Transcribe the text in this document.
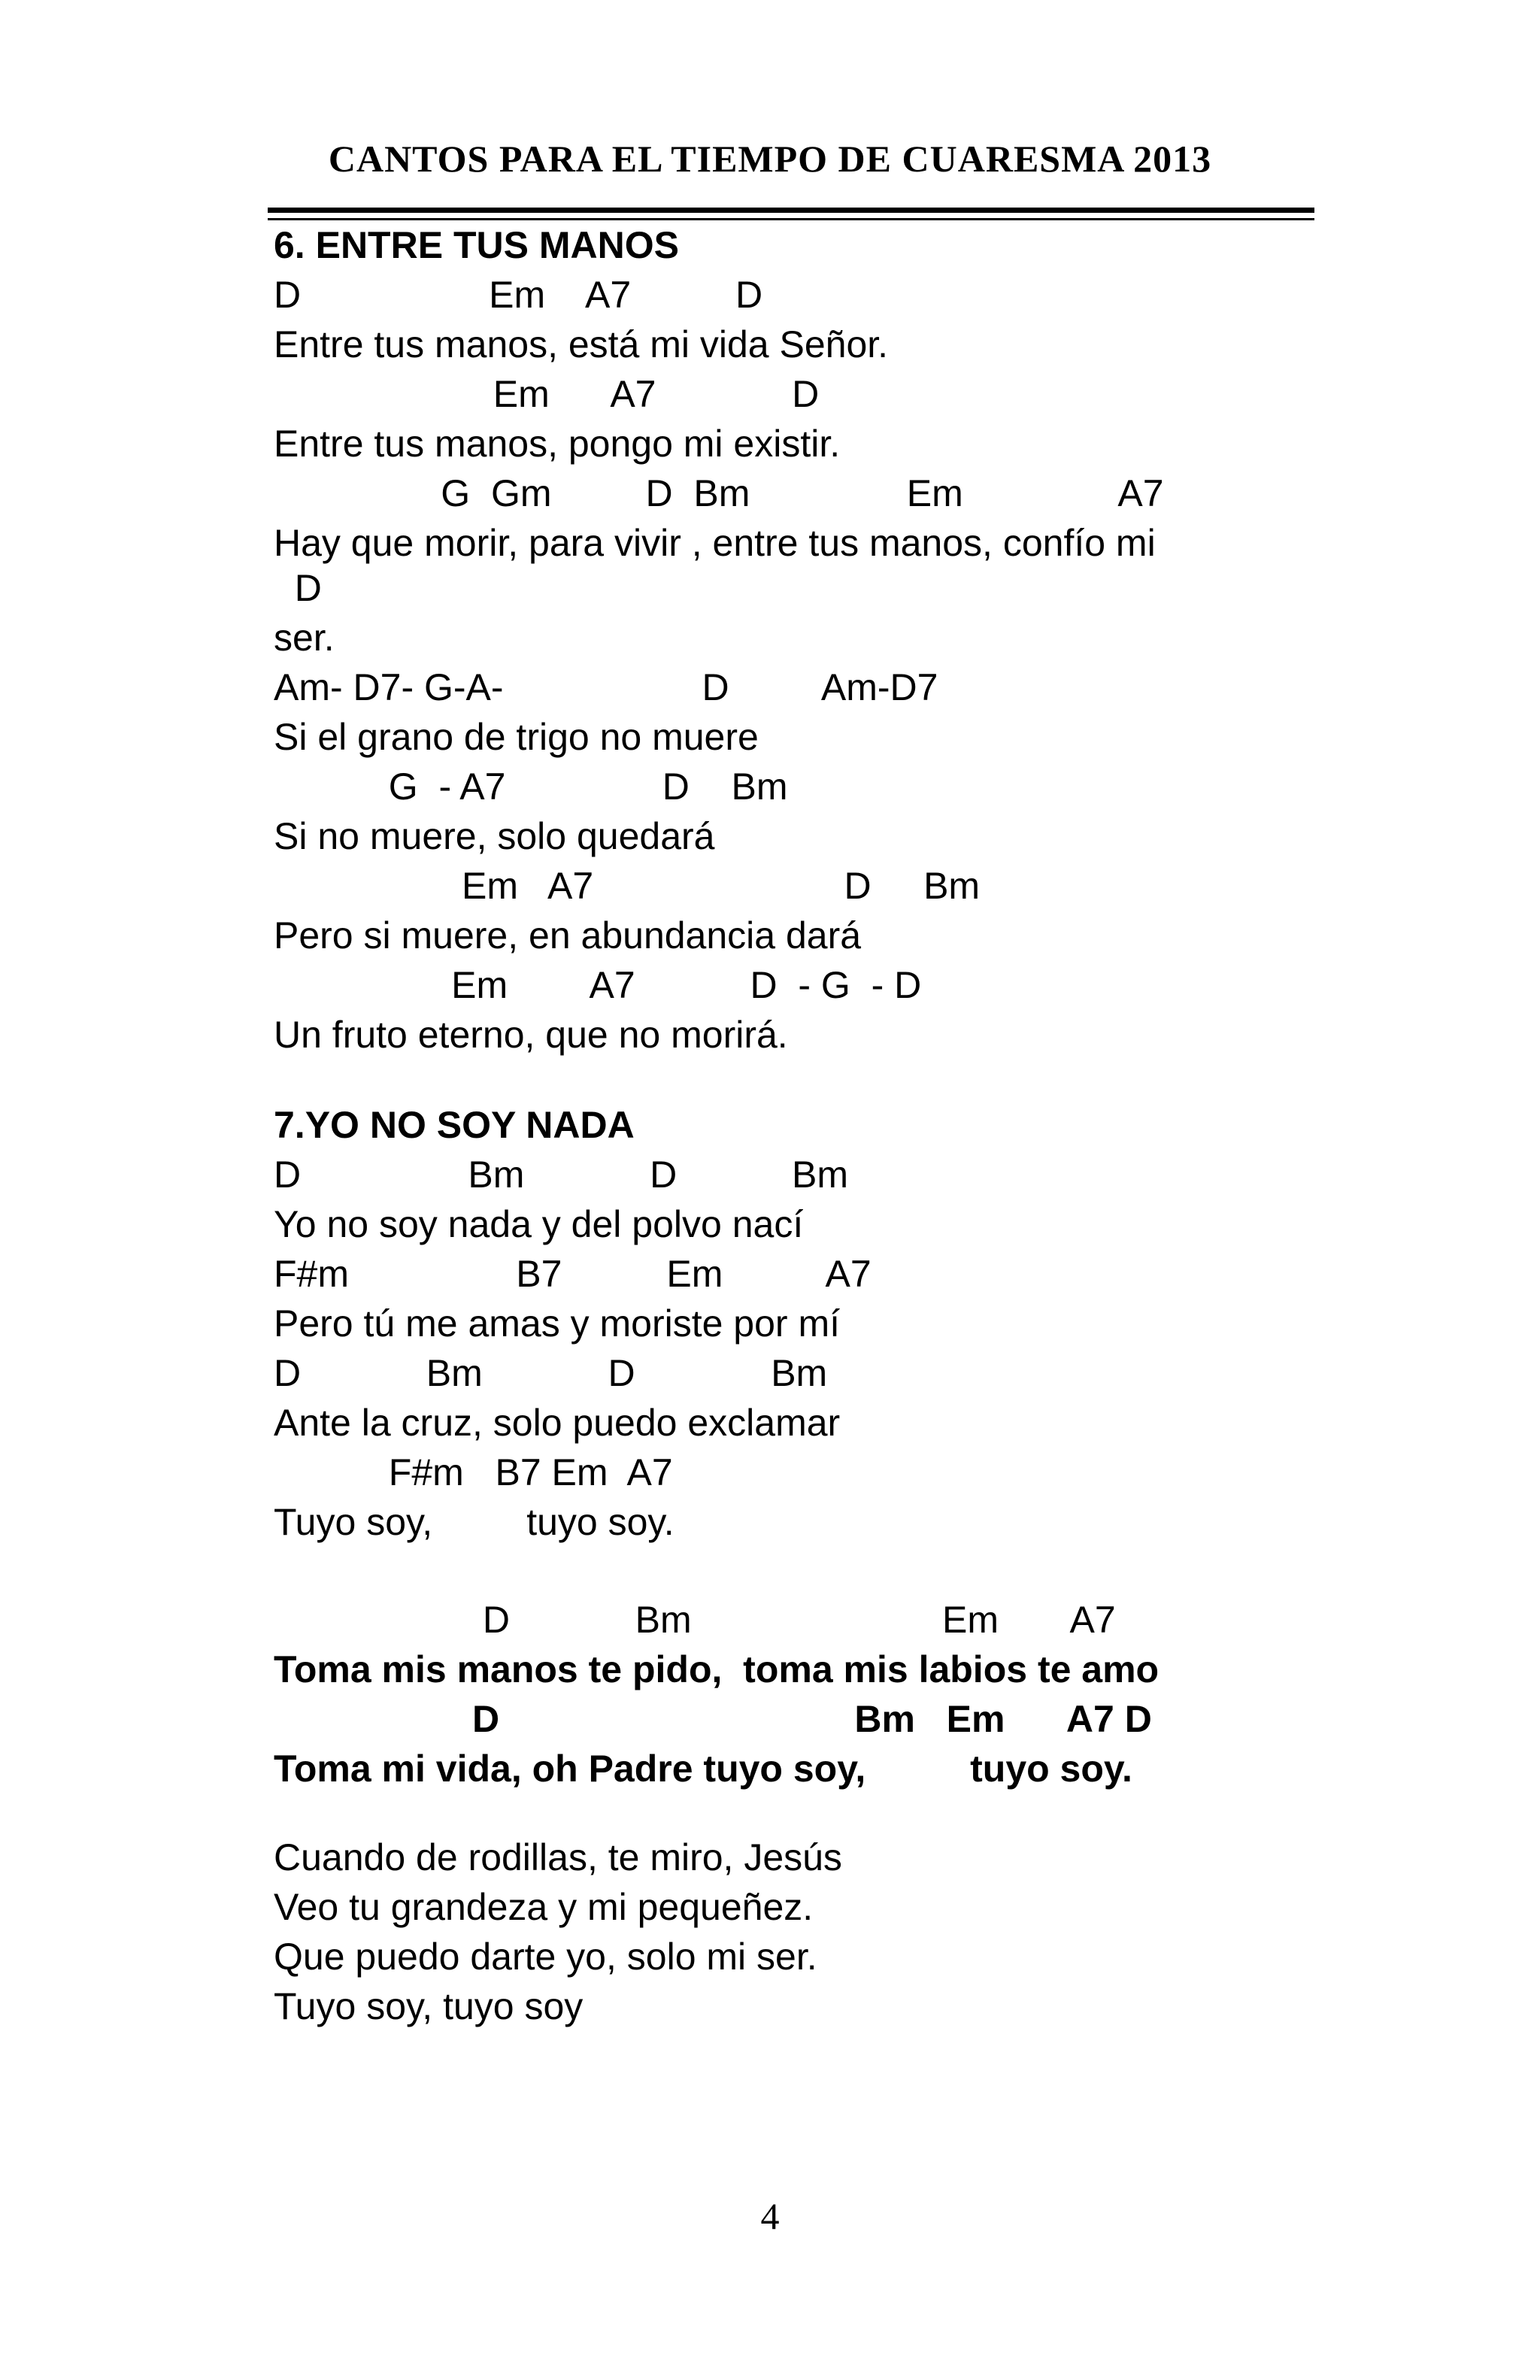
CANTOS PARA EL TIEMPO DE CUARESMA 2013
6. ENTRE TUS MANOS
D                  Em    A7          D
Entre tus manos, está mi vida Señor.
Em      A7             D
Entre tus manos, pongo mi existir.
G  Gm         D  Bm               Em               A7
Hay que morir, para vivir , entre tus manos, confío mi
D
ser.
Am- D7- G-A-                   D         Am-D7
Si el grano de trigo no muere
G  - A7               D    Bm
Si no muere, solo quedará
Em   A7                        D     Bm
Pero si muere, en abundancia dará
Em        A7           D  - G  - D
Un fruto eterno, que no morirá.
7.YO NO SOY NADA
D                Bm            D           Bm
Yo no soy nada y del polvo nací
F#m                B7          Em          A7
Pero tú me amas y moriste por mí
D            Bm            D             Bm
Ante la cruz, solo puedo exclamar
F#m   B7 Em  A7
Tuyo soy,         tuyo soy.
D            Bm                        Em       A7
Toma mis manos te pido,  toma mis labios te amo
D                                  Bm   Em      A7 D
Toma mi vida, oh Padre tuyo soy,          tuyo soy.
Cuando de rodillas, te miro, Jesús
Veo tu grandeza y mi pequeñez.
Que puedo darte yo, solo mi ser.
Tuyo soy, tuyo soy
4
